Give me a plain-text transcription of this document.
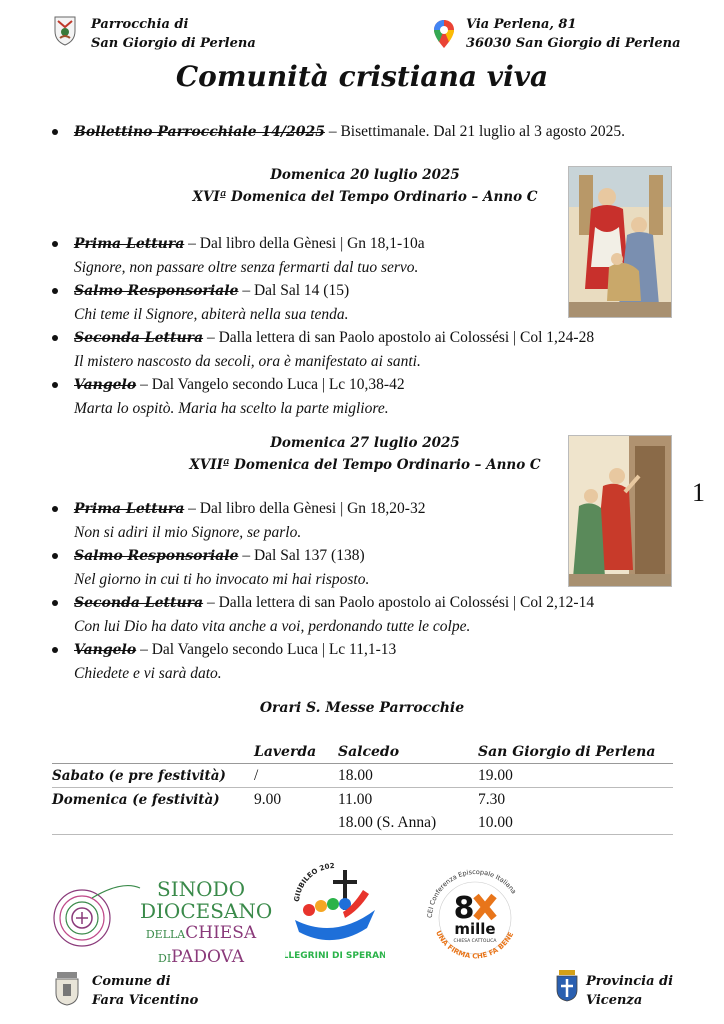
Parrocchia di
San Giorgio di Perlena
Via Perlena, 81
36030 San Giorgio di Perlena
Comunità cristiana viva
Bollettino Parrocchiale 14/2025 – Bisettimanale. Dal 21 luglio al 3 agosto 2025.
Domenica 20 luglio 2025
XVIª Domenica del Tempo Ordinario – Anno C
Prima Lettura – Dal libro della Gènesi | Gn 18,1-10a
Signore, non passare oltre senza fermarti dal tuo servo.
Salmo Responsoriale – Dal Sal 14 (15)
Chi teme il Signore, abiterà nella sua tenda.
Seconda Lettura – Dalla lettera di san Paolo apostolo ai Colossési | Col 1,24-28
Il mistero nascosto da secoli, ora è manifestato ai santi.
Vangelo – Dal Vangelo secondo Luca | Lc 10,38-42
Marta lo ospitò. Maria ha scelto la parte migliore.
Domenica 27 luglio 2025
XVIIª Domenica del Tempo Ordinario – Anno C
1
Prima Lettura – Dal libro della Gènesi | Gn 18,20-32
Non si adiri il mio Signore, se parlo.
Salmo Responsoriale – Dal Sal 137 (138)
Nel giorno in cui ti ho invocato mi hai risposto.
Seconda Lettura – Dalla lettera di san Paolo apostolo ai Colossési | Col 2,12-14
Con lui Dio ha dato vita anche a voi, perdonando tutte le colpe.
Vangelo – Dal Vangelo secondo Luca | Lc 11,1-13
Chiedete e vi sarà dato.
Orari S. Messe Parrocchie
	Laverda	Salcedo	San Giorgio di Perlena
Sabato (e pre festività)	/	18.00	19.00
Domenica (e festività)	9.00	11.00	7.30
		18.00 (S. Anna)	10.00
SINODO
DIOCESANO
DELLACHIESA
DIPADOVA
GIUBILEO 202
LLEGRINI DI SPERAN
CEI Conferenza Episcopale Italiana
8
mille
CHIESA CATTOLICA
UNA FIRMA CHE FA BENE
Comune di
Fara Vicentino
Provincia di
Vicenza
